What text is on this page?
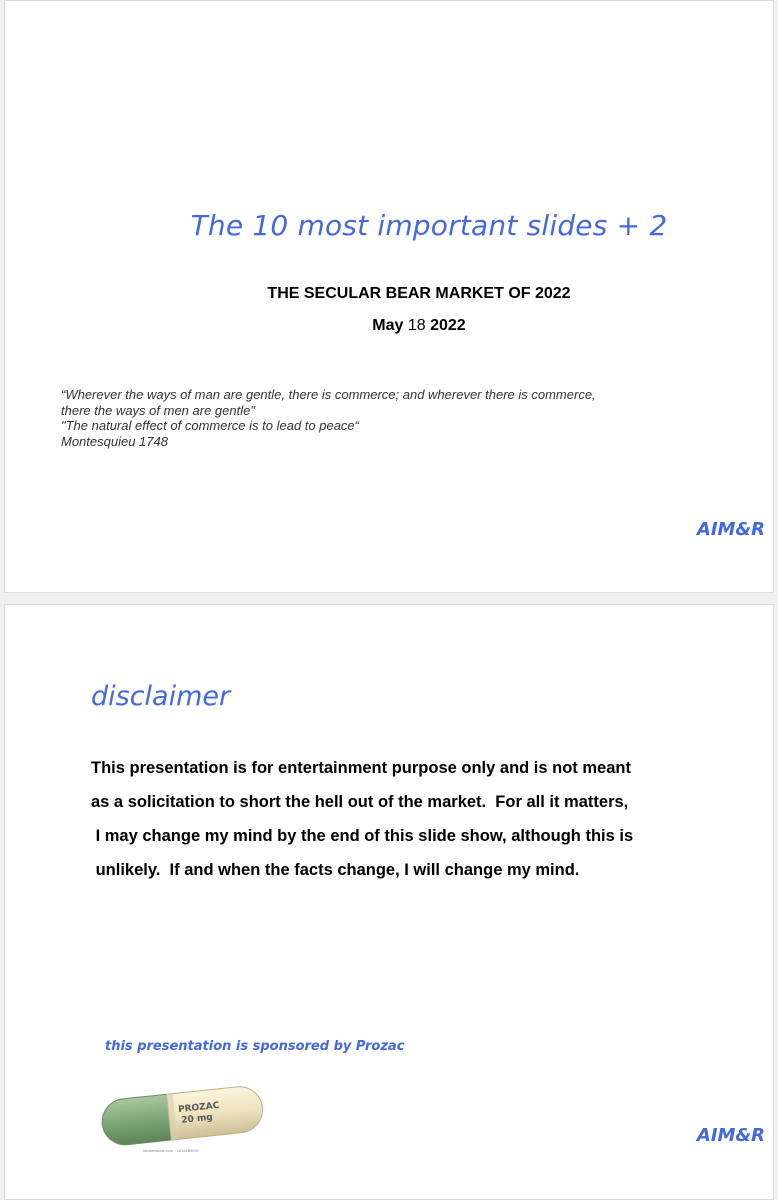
The 10 most important slides + 2
THE SECULAR BEAR MARKET OF 2022
May 18 2022
“Wherever the ways of man are gentle, there is commerce; and wherever there is commerce,
there the ways of men are gentle"
"The natural effect of commerce is to lead to peace“
Montesquieu 1748
AIM&R
disclaimer
This presentation is for entertainment purpose only and is not meant
as a solicitation to short the hell out of the market.  For all it matters,
I may change my mind by the end of this slide show, although this is
unlikely.  If and when the facts change, I will change my mind.
this presentation is sponsored by Prozac
PROZAC
20 mg
shutterstock.com · 1816189097
AIM&R
